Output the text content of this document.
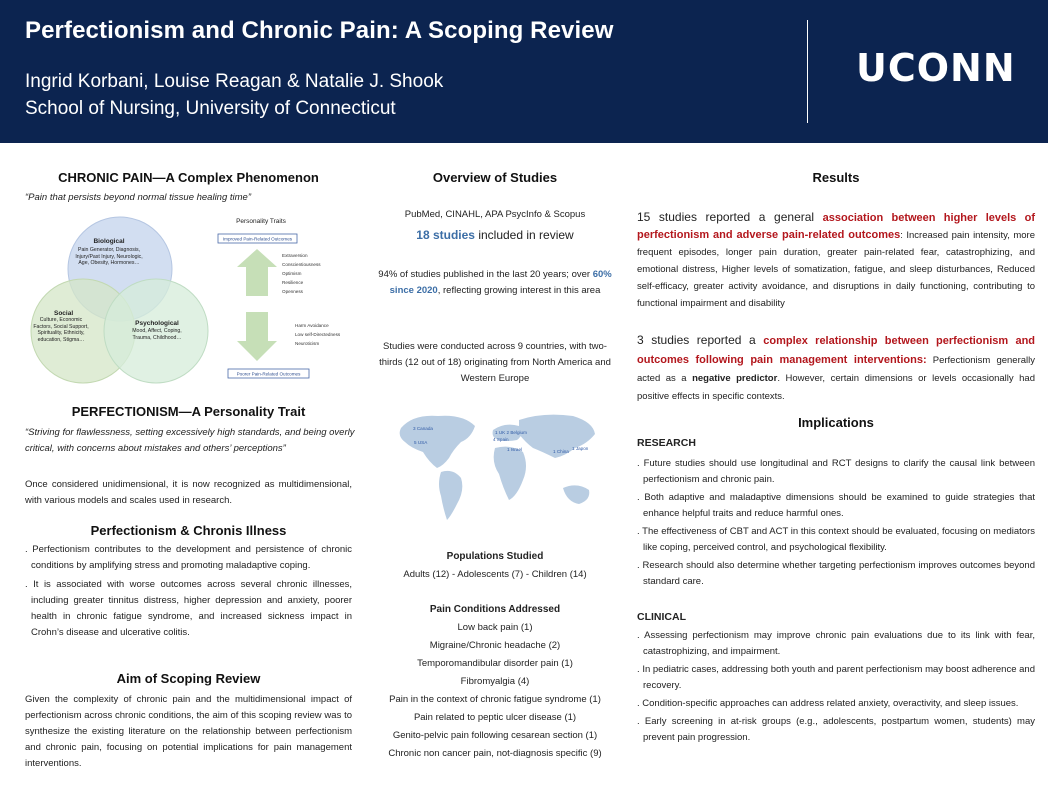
Perfectionism and Chronic Pain: A Scoping Review
Ingrid Korbani, Louise Reagan & Natalie J. Shook
School of Nursing, University of Connecticut
UCONN
CHRONIC PAIN—A Complex Phenomenon
“Pain that persists beyond normal tissue healing time”
Biological
Pain Generator, Diagnosis, Injury/Past Injury, Neurologic, Age, Obesity, Hormones…
Social
Culture, Economic Factors, Social Support, Spirituality, Ethnicity, education, Stigma…
Psychological
Mood, Affect, Coping, Trauma, Childhood…
Personality Traits
Improved Pain-Related Outcomes
Extraversion
Conscientiousness
Optimism
Resilience
Openness
Harm Avoidance
Low self-Directedness
Neuroticism
Poorer Pain-Related Outcomes
PERFECTIONISM—A Personality Trait
“Striving for flawlessness, setting excessively high standards, and being overly critical, with concerns about mistakes and others’ perceptions”
Once considered unidimensional, it is now recognized as multidimensional, with various models and scales used in research.
Perfectionism & Chronis Illness
. Perfectionism contributes to the development and persistence of chronic conditions by amplifying stress and promoting maladaptive coping.
. It is associated with worse outcomes across several chronic illnesses, including greater tinnitus distress, higher depression and anxiety, poorer health in chronic fatigue syndrome, and increased sickness impact in Crohn’s disease and ulcerative colitis.
Aim of Scoping Review
Given the complexity of chronic pain and the multidimensional impact of perfectionism across chronic conditions, the aim of this scoping review was to synthesize the existing literature on the relationship between perfectionism and chronic pain, focusing on potential implications for pain management interventions.
Overview of Studies
PubMed, CINAHL, APA PsycInfo & Scopus
18 studies included in review
94% of studies published in the last 20 years; over 60% since 2020, reflecting growing interest in this area
Studies were conducted across 9 countries, with two-thirds (12 out of 18) originating from North America and Western Europe
3 Canada
5 USA
1 UK 2 Belgium
4 Spain
1 Israel	1 China
1 Japon
Populations Studied
Adults (12) - Adolescents (7) - Children (14)
Pain Conditions Addressed
Low back pain (1)
Migraine/Chronic headache (2)
Temporomandibular disorder pain (1)
Fibromyalgia (4)
Pain in the context of chronic fatigue syndrome (1)
Pain related to peptic ulcer disease (1)
Genito-pelvic pain following cesarean section (1)
Chronic non cancer pain, not-diagnosis specific (9)
Results
15 studies reported a general association between higher levels of perfectionism and adverse pain-related outcomes: Increased pain intensity, more frequent episodes, longer pain duration, greater pain-related fear, catastrophizing, and emotional distress, Higher levels of somatization, fatigue, and sleep disturbances, Reduced self-efficacy, greater activity avoidance, and disruptions in daily functioning, contributing to functional impairment and disability
3 studies reported a complex relationship between perfectionism and outcomes following pain management interventions: Perfectionism generally acted as a negative predictor. However, certain dimensions or levels occasionally had positive effects in specific contexts.
Implications
RESEARCH
. Future studies should use longitudinal and RCT designs to clarify the causal link between perfectionism and chronic pain.
. Both adaptive and maladaptive dimensions should be examined to guide strategies that enhance helpful traits and reduce harmful ones.
. The effectiveness of CBT and ACT in this context should be evaluated, focusing on mediators like coping, perceived control, and psychological flexibility.
. Research should also determine whether targeting perfectionism improves outcomes beyond standard care.
CLINICAL
. Assessing perfectionism may improve chronic pain evaluations due to its link with fear, catastrophizing, and impairment.
. In pediatric cases, addressing both youth and parent perfectionism may boost adherence and recovery.
. Condition-specific approaches can address related anxiety, overactivity, and sleep issues.
. Early screening in at-risk groups (e.g., adolescents, postpartum women, students) may prevent pain progression.
